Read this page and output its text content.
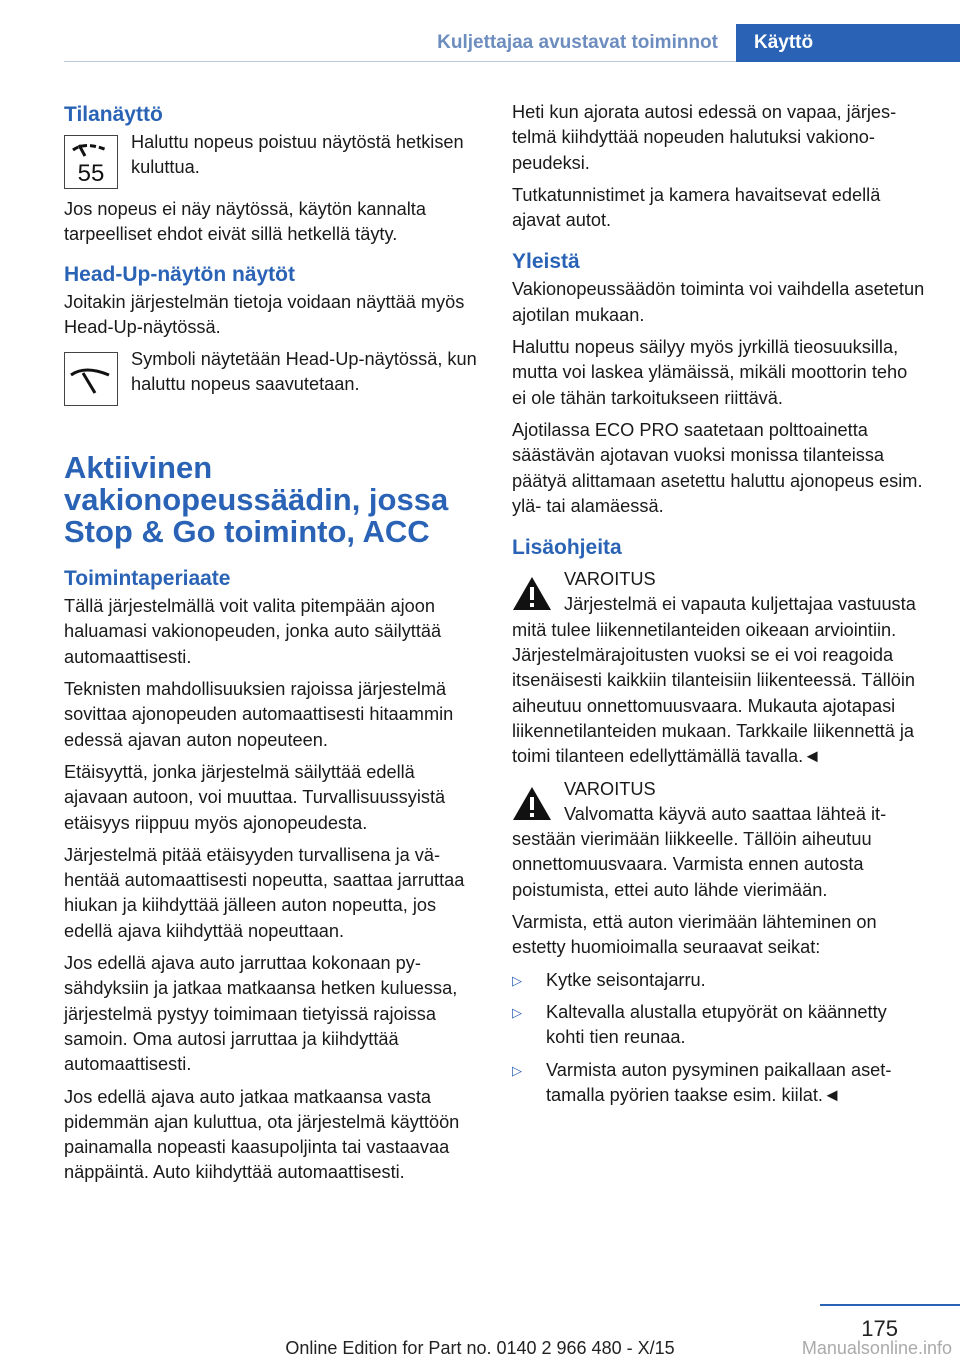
Kuljettajaa avustavat toiminnot	Käyttö
Tilanäyttö
55

Haluttu nopeus poistuu näytöstä hetkisen kuluttua.

Jos nopeus ei näy näytössä, käytön kannalta tarpeelliset ehdot eivät sillä hetkellä täyty.

Head-Up-näytön näytöt

Joitakin järjestelmän tietoja voidaan näyttää myös Head-Up-näytössä.

Symboli näytetään Head-Up-näytössä, kun haluttu nopeus saavutetaan.

Aktiivinen vakionopeussäädin, jossa Stop & Go toiminto, ACC
Toimintaperiaate

Tällä järjestelmällä voit valita pitempään ajoon haluamasi vakionopeuden, jonka auto säilyttää automaattisesti.

Teknisten mahdollisuuksien rajoissa järjestelmä sovittaa ajonopeuden automaattisesti hitaammin edessä ajavan auton nopeuteen.

Etäisyyttä, jonka järjestelmä säilyttää edellä ajavaan autoon, voi muuttaa. Turvallisuussyistä etäisyys riippuu myös ajonopeudesta.

Järjestelmä pitää etäisyyden turvallisena ja vähentää automaattisesti nopeutta, saattaa jarruttaa hiukan ja kiihdyttää jälleen auton nopeutta, jos edellä ajava kiihdyttää nopeuttaan.

Jos edellä ajava auto jarruttaa kokonaan pysähdyksiin ja jatkaa matkaansa hetken kuluessa, järjestelmä pystyy toimimaan tietyissä rajoissa samoin. Oma autosi jarruttaa ja kiihdyttää automaattisesti.

Jos edellä ajava auto jatkaa matkaansa vasta pidemmän ajan kuluttua, ota järjestelmä käyttöön painamalla nopeasti kaasupoljinta tai vastaavaa näppäintä. Auto kiihdyttää automaattisesti.

Heti kun ajorata autosi edessä on vapaa, järjestelmä kiihdyttää nopeuden halutuksi vakionopeudeksi.

Tutkatunnistimet ja kamera havaitsevat edellä ajavat autot.

Yleistä

Vakionopeussäädön toiminta voi vaihdella asetetun ajotilan mukaan.

Haluttu nopeus säilyy myös jyrkillä tieosuuksilla, mutta voi laskea ylämäissä, mikäli moottorin teho ei ole tähän tarkoitukseen riittävä.

Ajotilassa ECO PRO saatetaan polttoainetta säästävän ajotavan vuoksi monissa tilanteissa päätyä alittamaan asetettu haluttu ajonopeus esim. ylä- tai alamäessä.

Lisäohjeita

VAROITUS

Järjestelmä ei vapauta kuljettajaa vastuusta mitä tulee liikennetilanteiden oikeaan arviointiin. Järjestelmärajoitusten vuoksi se ei voi reagoida itsenäisesti kaikkiin tilanteisiin liikenteessä. Tällöin aiheutuu onnettomuusvaara. Mukauta ajotapasi liikennetilanteiden mukaan. Tarkkaile liikennettä ja toimi tilanteen edellyttämällä tavalla.◄

VAROITUS

Valvomatta käyvä auto saattaa lähteä itsestään vierimään liikkeelle. Tällöin aiheutuu onnettomuusvaara. Varmista ennen autosta poistumista, ettei auto lähde vierimään.

Varmista, että auton vierimään lähteminen on estetty huomioimalla seuraavat seikat:

▷ Kytke seisontajarru.
▷ Kaltevalla alustalla etupyörät on käännetty kohti tien reunaa.
▷ Varmista auton pysyminen paikallaan asettamalla pyörien taakse esim. kiilat.◄
175
Online Edition for Part no. 0140 2 966 480 - X/15	Manualsonline.info
